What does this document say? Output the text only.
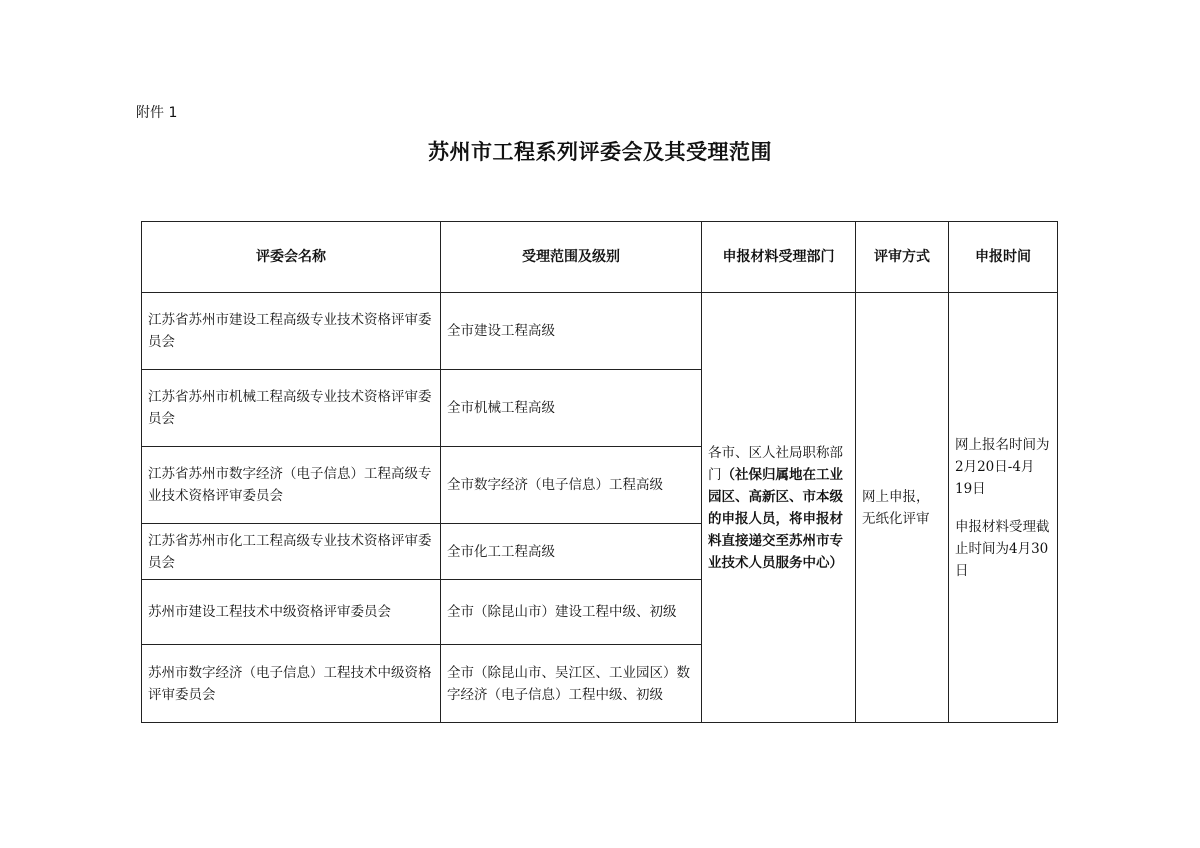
附件 1
苏州市工程系列评委会及其受理范围
评委会名称	受理范围及级别	申报材料受理部门	评审方式	申报时间
江苏省苏州市建设工程高级专业技术资格评审委员会	全市建设工程高级	各市、区人社局职称部门（社保归属地在工业园区、高新区、市本级的申报人员，将申报材料直接递交至苏州市专业技术人员服务中心）	网上申报，无纸化评审	网上报名时间为2月20日-4月19日
申报材料受理截止时间为4月30日

江苏省苏州市机械工程高级专业技术资格评审委员会	全市机械工程高级			
江苏省苏州市数字经济（电子信息）工程高级专业技术资格评审委员会	全市数字经济（电子信息）工程高级			
江苏省苏州市化工工程高级专业技术资格评审委员会	全市化工工程高级			
苏州市建设工程技术中级资格评审委员会	全市（除昆山市）建设工程中级、初级			
苏州市数字经济（电子信息）工程技术中级资格评审委员会	全市（除昆山市、吴江区、工业园区）数字经济（电子信息）工程中级、初级			
